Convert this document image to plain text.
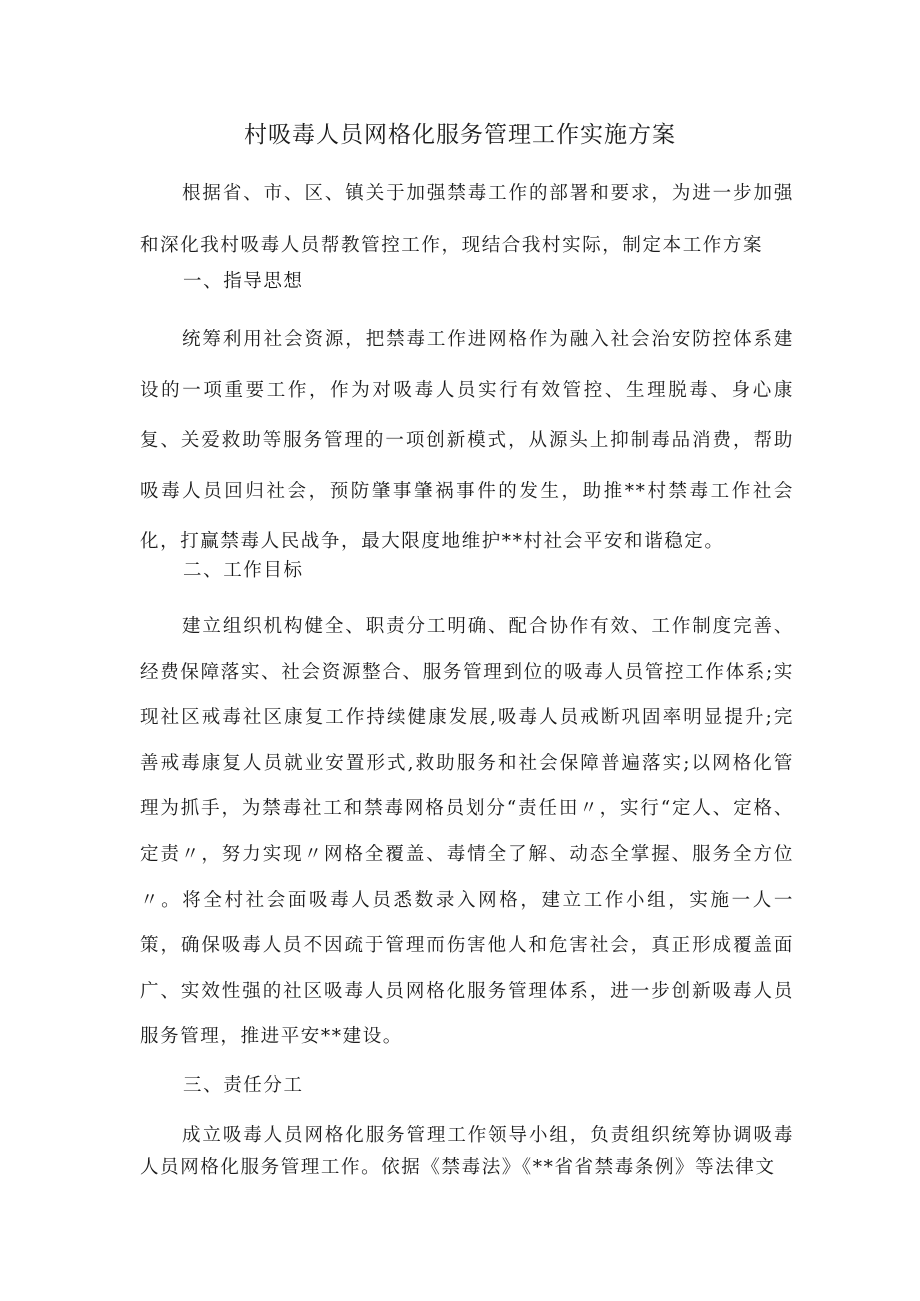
村吸毒人员网格化服务管理工作实施方案

根据省、市、区、镇关于加强禁毒工作的部署和要求，为进一步加强和深化我村吸毒人员帮教管控工作，现结合我村实际，制定本工作方案

一、指导思想

统筹利用社会资源，把禁毒工作进网格作为融入社会治安防控体系建设的一项重要工作，作为对吸毒人员实行有效管控、生理脱毒、身心康复、关爱救助等服务管理的一项创新模式，从源头上抑制毒品消费，帮助吸毒人员回归社会，预防肇事肇祸事件的发生，助推**村禁毒工作社会化，打赢禁毒人民战争，最大限度地维护**村社会平安和谐稳定。

二、工作目标

建立组织机构健全、职责分工明确、配合协作有效、工作制度完善、经费保障落实、社会资源整合、服务管理到位的吸毒人员管控工作体系;实现社区戒毒社区康复工作持续健康发展,吸毒人员戒断巩固率明显提升;完善戒毒康复人员就业安置形式,救助服务和社会保障普遍落实;以网格化管理为抓手，为禁毒社工和禁毒网格员划分“责任田〃，实行“定人、定格、定责〃，努力实现〃网格全覆盖、毒情全了解、动态全掌握、服务全方位〃。将全村社会面吸毒人员悉数录入网格，建立工作小组，实施一人一策，确保吸毒人员不因疏于管理而伤害他人和危害社会，真正形成覆盖面广、实效性强的社区吸毒人员网格化服务管理体系，进一步创新吸毒人员服务管理，推进平安**建设。

三、责任分工

成立吸毒人员网格化服务管理工作领导小组，负责组织统筹协调吸毒人员网格化服务管理工作。依据《禁毒法》《**省省禁毒条例》等法律文
